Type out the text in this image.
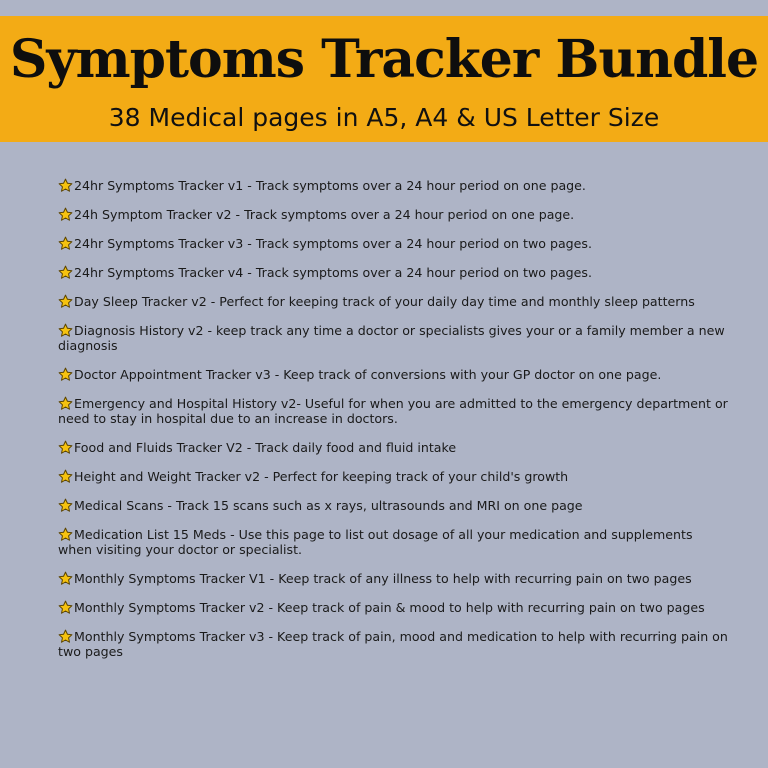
Symptoms Tracker Bundle
38 Medical pages in A5, A4 & US Letter Size
24hr Symptoms Tracker v1 - Track symptoms over a 24 hour period on one page.
24h Symptom Tracker v2 - Track symptoms over a 24 hour period on one page.
24hr Symptoms Tracker v3 - Track symptoms over a 24 hour period on two pages.
24hr Symptoms Tracker v4 - Track symptoms over a 24 hour period on two pages.
Day Sleep Tracker v2 - Perfect for keeping track of your daily day time and monthly sleep patterns
Diagnosis History v2 - keep track any time a doctor or specialists gives your or a family member a new diagnosis
Doctor Appointment Tracker v3 - Keep track of conversions with your GP doctor on one page.
Emergency and Hospital History v2- Useful for when you are admitted to the emergency department or need to stay in hospital due to an increase in doctors.
Food and Fluids Tracker V2 - Track daily food and fluid intake
Height and Weight Tracker v2 - Perfect for keeping track of your child's growth
Medical Scans - Track 15 scans such as x rays, ultrasounds and MRI on one page
Medication List 15 Meds - Use this page to list out dosage of all your medication and supplements when visiting your doctor or specialist.
Monthly Symptoms Tracker V1 - Keep track of any illness to help with recurring pain on two pages
Monthly Symptoms Tracker v2 - Keep track of pain & mood to help with recurring pain on two pages
Monthly Symptoms Tracker v3 - Keep track of pain, mood and medication to help with recurring pain on two pages
